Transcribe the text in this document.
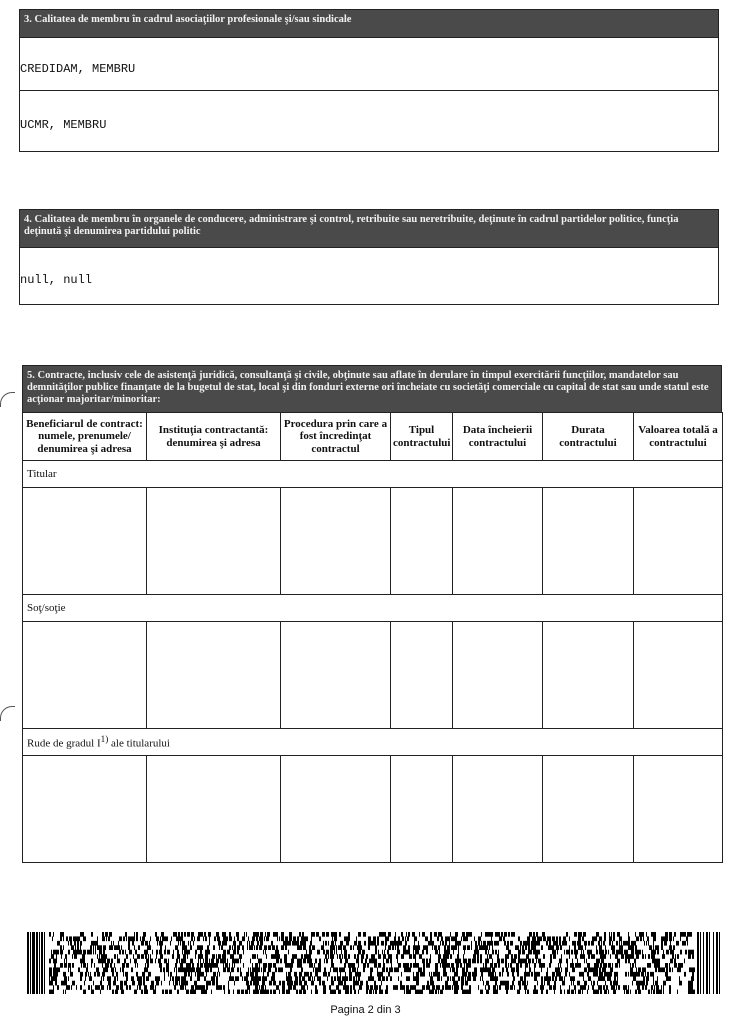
3. Calitatea de membru în cadrul asociaţiilor profesionale şi/sau sindicale
CREDIDAM, MEMBRU
UCMR, MEMBRU
4. Calitatea de membru în organele de conducere, administrare şi control, retribuite sau neretribuite, deţinute în cadrul partidelor politice, funcţia deţinută şi denumirea partidului politic
null, null
5. Contracte, inclusiv cele de asistenţă juridică, consultanţă şi civile, obţinute sau aflate în derulare în timpul exercitării funcţiilor, mandatelor sau demnităţilor publice finanţate de la bugetul de stat, local şi din fonduri externe ori încheiate cu societăţi comerciale cu capital de stat sau unde statul este acţionar majoritar/minoritar:
Beneficiarul de contract: numele, prenumele/ denumirea şi adresa	Instituţia contractantă: denumirea şi adresa	Procedura prin care a fost încredinţat contractul	Tipul contractului	Data încheierii contractului	Durata contractului	Valoarea totală a contractului
Titular						

Soţ/soţie						

Rude de gradul $I^{1)}$ ale titularului						

Pagina 2 din 3
